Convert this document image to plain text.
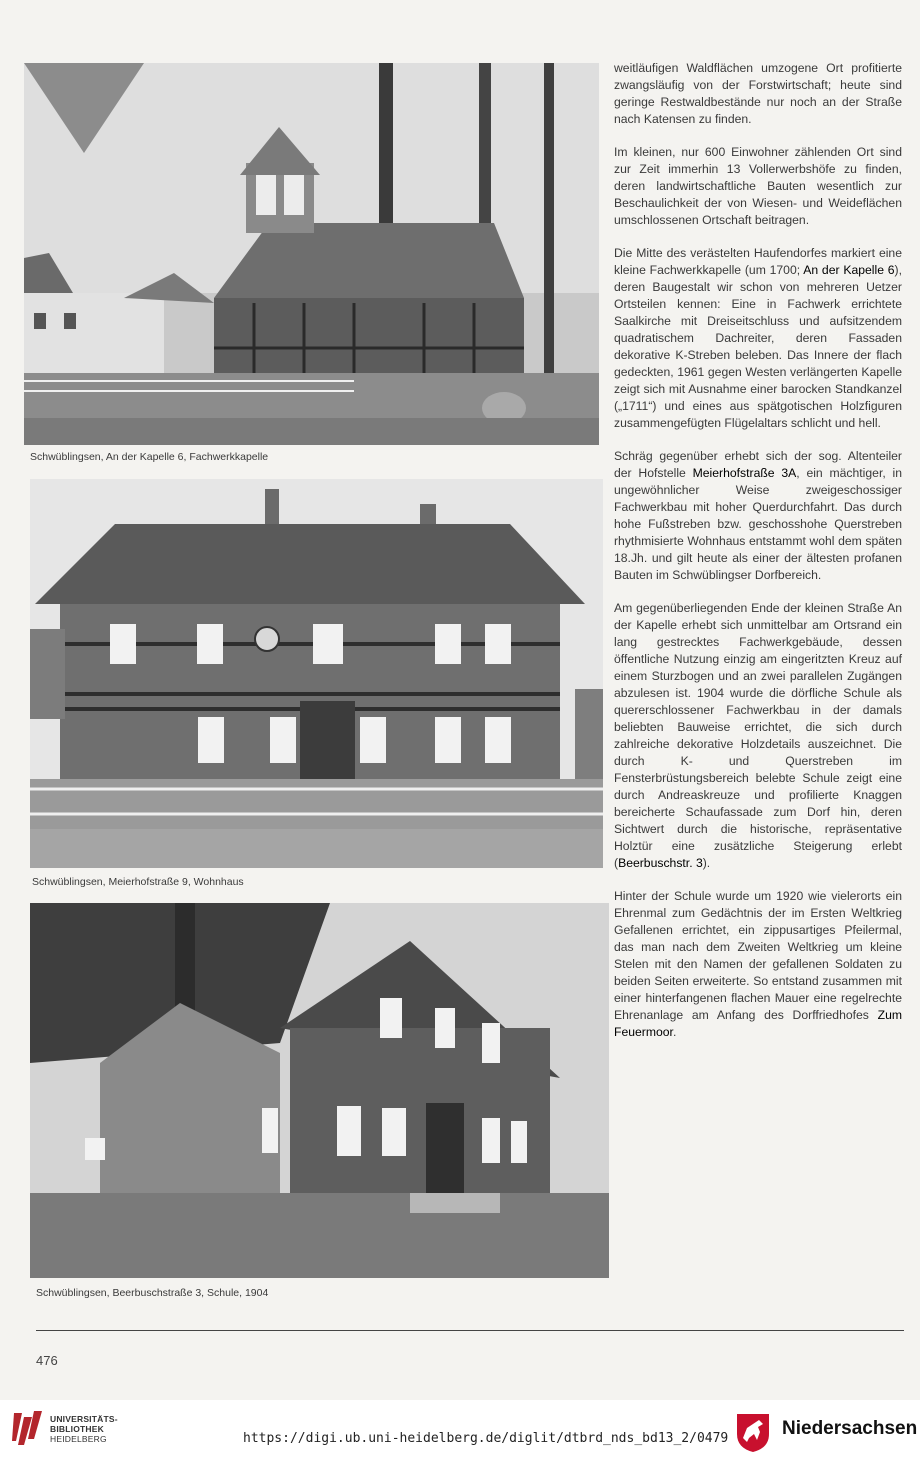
Schwüblingsen, An der Kapelle 6, Fachwerkkapelle
Schwüblingsen, Meierhofstraße 9, Wohnhaus
Schwüblingsen, Beerbuschstraße 3, Schule, 1904

weitläufigen Waldflächen umzogene Ort profitierte zwangsläufig von der Forstwirtschaft; heute sind geringe Restwaldbestände nur noch an der Straße nach Katensen zu finden.

Im kleinen, nur 600 Einwohner zählenden Ort sind zur Zeit immerhin 13 Vollerwerbshöfe zu finden, deren landwirtschaftliche Bauten wesentlich zur Beschaulichkeit der von Wiesen- und Weideflächen umschlossenen Ortschaft beitragen.

Die Mitte des verästelten Haufendorfes markiert eine kleine Fachwerkkapelle (um 1700; An der Kapelle 6), deren Baugestalt wir schon von mehreren Uetzer Ortsteilen kennen: Eine in Fachwerk errichtete Saalkirche mit Dreiseitschluss und aufsitzendem quadratischem Dachreiter, deren Fassaden dekorative K-Streben beleben. Das Innere der flach gedeckten, 1961 gegen Westen verlängerten Kapelle zeigt sich mit Ausnahme einer barocken Standkanzel („1711“) und eines aus spätgotischen Holzfiguren zusammengefügten Flügelaltars schlicht und hell.

Schräg gegenüber erhebt sich der sog. Altenteiler der Hofstelle Meierhofstraße 3A, ein mächtiger, in ungewöhnlicher Weise zweigeschossiger Fachwerkbau mit hoher Querdurchfahrt. Das durch hohe Fußstreben bzw. geschosshohe Querstreben rhythmisierte Wohnhaus entstammt wohl dem späten 18.Jh. und gilt heute als einer der ältesten profanen Bauten im Schwüblingser Dorfbereich.

Am gegenüberliegenden Ende der kleinen Straße An der Kapelle erhebt sich unmittelbar am Ortsrand ein lang gestrecktes Fachwerkgebäude, dessen öffentliche Nutzung einzig am eingeritzten Kreuz auf einem Sturzbogen und an zwei parallelen Zugängen abzulesen ist. 1904 wurde die dörfliche Schule als quererschlossener Fachwerkbau in der damals beliebten Bauweise errichtet, die sich durch zahlreiche dekorative Holzdetails auszeichnet. Die durch K- und Querstreben im Fensterbrüstungsbereich belebte Schule zeigt eine durch Andreaskreuze und profilierte Knaggen bereicherte Schaufassade zum Dorf hin, deren Sichtwert durch die historische, repräsentative Holztür eine zusätzliche Steigerung erlebt (Beerbuschstr. 3).

Hinter der Schule wurde um 1920 wie vielerorts ein Ehrenmal zum Gedächtnis der im Ersten Weltkrieg Gefallenen errichtet, ein zippusartiges Pfeilermal, das man nach dem Zweiten Weltkrieg um kleine Stelen mit den Namen der gefallenen Soldaten zu beiden Seiten erweiterte. So entstand zusammen mit einer hinterfangenen flachen Mauer eine regelrechte Ehrenanlage am Anfang des Dorffriedhofes Zum Feuermoor.

476
UNIVERSITÄTS-
BIBLIOTHEK
HEIDELBERG	https://digi.ub.uni-heidelberg.de/diglit/dtbrd_nds_bd13_2/0479	Niedersachsen
